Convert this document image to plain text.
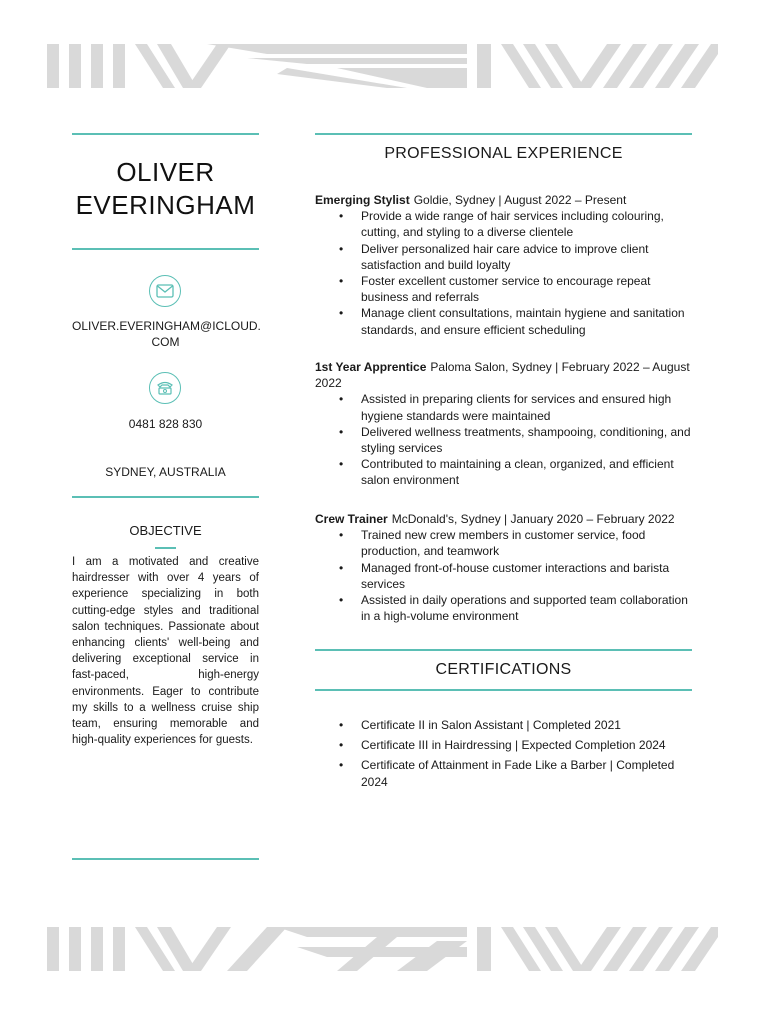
OLIVER
EVERINGHAM
OLIVER.EVERINGHAM@ICLOUD.
COM
0481 828 830
SYDNEY, AUSTRALIA
OBJECTIVE
I am a motivated and creative hairdresser with over 4 years of experience specializing in both cutting-edge styles and traditional salon techniques. Passionate about enhancing clients' well-being and delivering exceptional service in fast-paced, high-energy environments. Eager to contribute my skills to a wellness cruise ship team, ensuring memorable and high-quality experiences for guests.
PROFESSIONAL EXPERIENCE

Emerging Stylist Goldie, Sydney | August 2022 – Present

• Provide a wide range of hair services including colouring, cutting, and styling to a diverse clientele
• Deliver personalized hair care advice to improve client satisfaction and build loyalty
• Foster excellent customer service to encourage repeat business and referrals
• Manage client consultations, maintain hygiene and sanitation standards, and ensure efficient scheduling

1st Year Apprentice Paloma Salon, Sydney | February 2022 – August 2022

• Assisted in preparing clients for services and ensured high hygiene standards were maintained
• Delivered wellness treatments, shampooing, conditioning, and styling services
• Contributed to maintaining a clean, organized, and efficient salon environment

Crew Trainer McDonald's, Sydney | January 2020 – February 2022

• Trained new crew members in customer service, food production, and teamwork
• Managed front-of-house customer interactions and barista services
• Assisted in daily operations and supported team collaboration in a high-volume environment
CERTIFICATIONS
• Certificate II in Salon Assistant | Completed 2021
• Certificate III in Hairdressing | Expected Completion 2024
• Certificate of Attainment in Fade Like a Barber | Completed 2024
